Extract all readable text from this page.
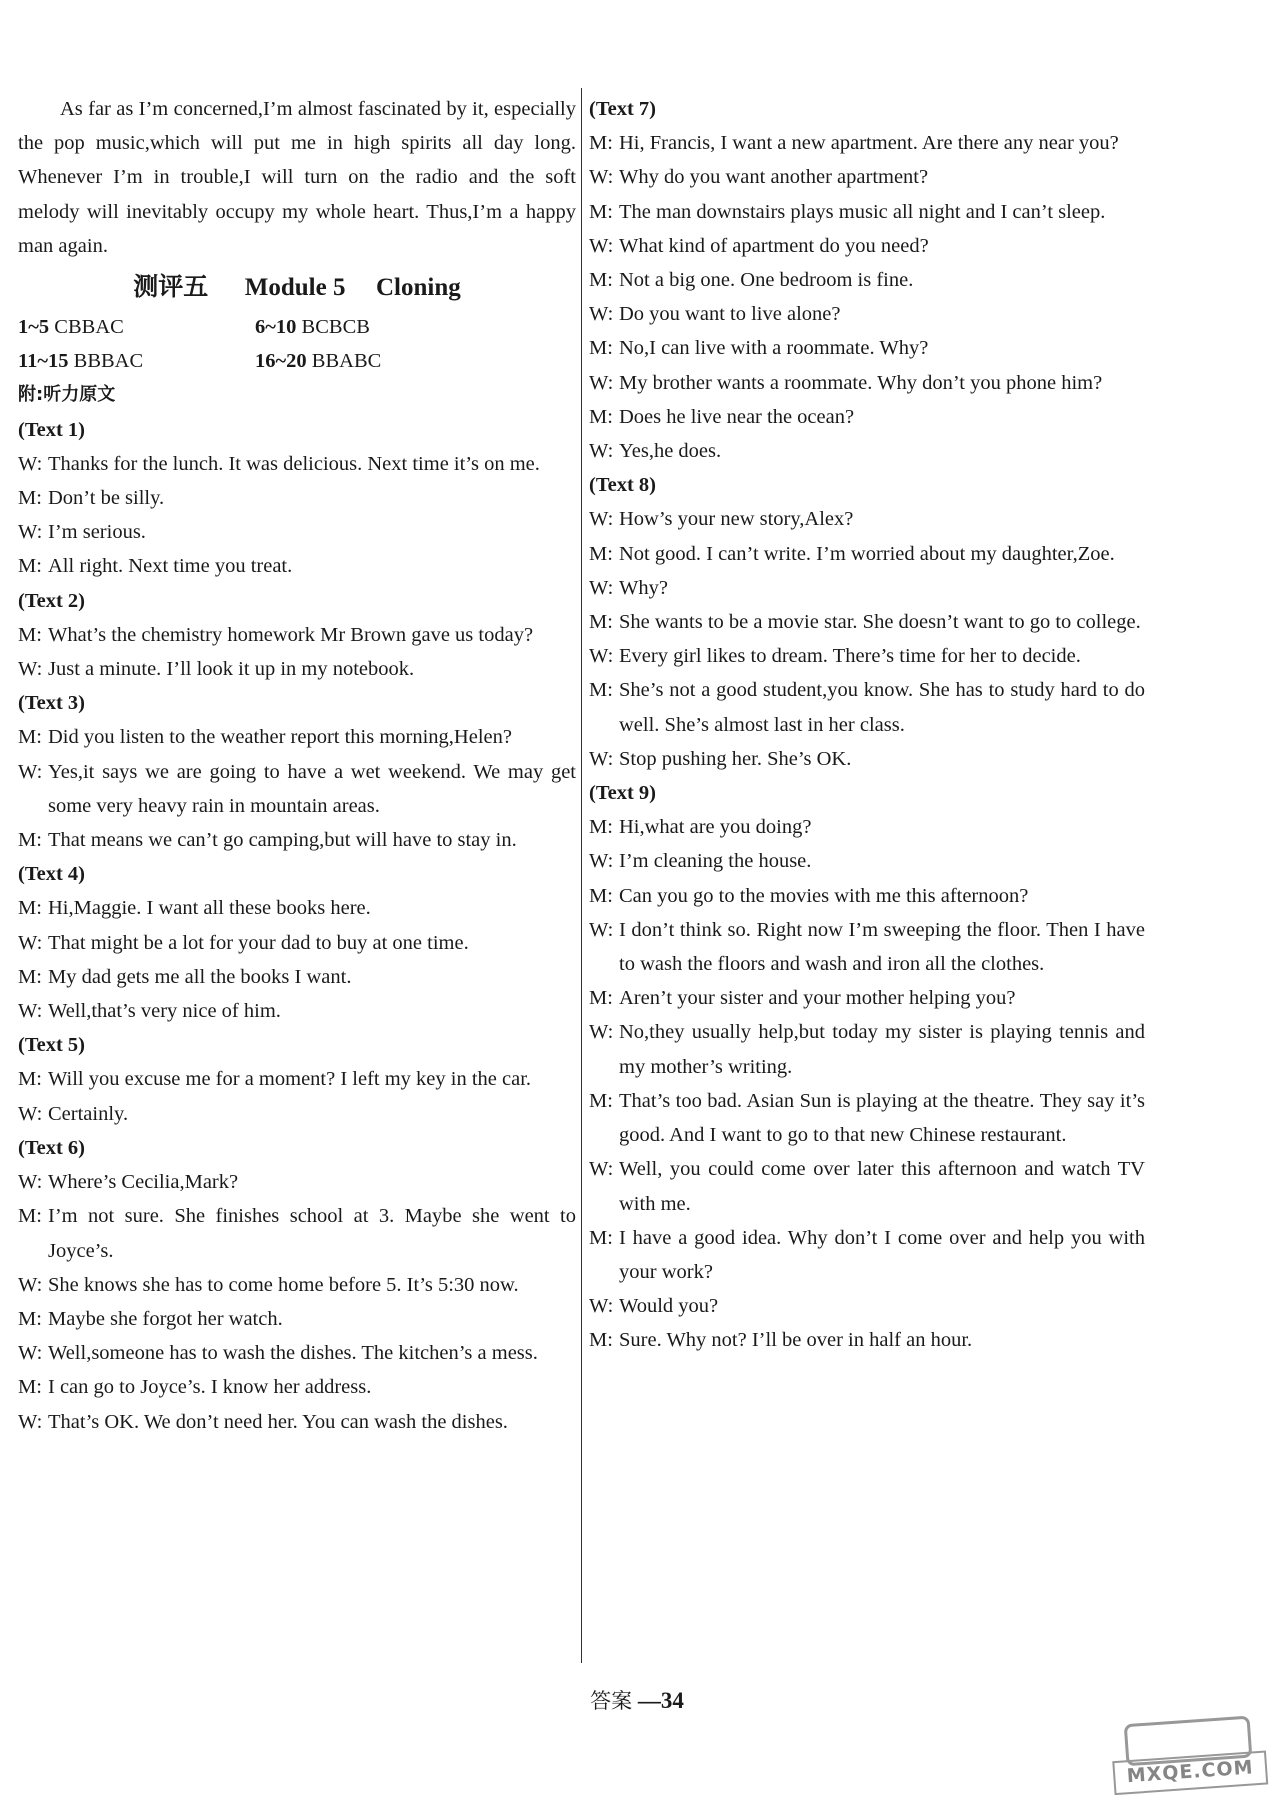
As far as I’m concerned,I’m almost fascinated by it, especially the pop music,which will put me in high spirits all day long. Whenever I’m in trouble,I will turn on the radio and the soft melody will inevitably occupy my whole heart. Thus,I’m a happy man again.

测评五 Module 5 Cloning
1~5 CBBAC	6~10 BCBCB
11~15 BBBAC	16~20 BBABC
附:听力原文
(Text 1)
W: Thanks for the lunch. It was delicious. Next time it’s on me.
M: Don’t be silly.
W: I’m serious.
M: All right. Next time you treat.
(Text 2)
M: What’s the chemistry homework Mr Brown gave us today?
W: Just a minute. I’ll look it up in my notebook.
(Text 3)
M: Did you listen to the weather report this morning,Helen?
W: Yes,it says we are going to have a wet weekend. We may get some very heavy rain in mountain areas.
M: That means we can’t go camping,but will have to stay in.
(Text 4)
M: Hi,Maggie. I want all these books here.
W: That might be a lot for your dad to buy at one time.
M: My dad gets me all the books I want.
W: Well,that’s very nice of him.
(Text 5)
M: Will you excuse me for a moment? I left my key in the car.
W: Certainly.
(Text 6)
W: Where’s Cecilia,Mark?
M: I’m not sure. She finishes school at 3. Maybe she went to Joyce’s.
W: She knows she has to come home before 5. It’s 5:30 now.
M: Maybe she forgot her watch.
W: Well,someone has to wash the dishes. The kitchen’s a mess.
M: I can go to Joyce’s. I know her address.
W: That’s OK. We don’t need her. You can wash the dishes.
(Text 7)
M: Hi, Francis, I want a new apartment. Are there any near you?
W: Why do you want another apartment?
M: The man downstairs plays music all night and I can’t sleep.
W: What kind of apartment do you need?
M: Not a big one. One bedroom is fine.
W: Do you want to live alone?
M: No,I can live with a roommate. Why?
W: My brother wants a roommate. Why don’t you phone him?
M: Does he live near the ocean?
W: Yes,he does.
(Text 8)
W: How’s your new story,Alex?
M: Not good. I can’t write. I’m worried about my daughter,Zoe.
W: Why?
M: She wants to be a movie star. She doesn’t want to go to college.
W: Every girl likes to dream. There’s time for her to decide.
M: She’s not a good student,you know. She has to study hard to do well. She’s almost last in her class.
W: Stop pushing her. She’s OK.
(Text 9)
M: Hi,what are you doing?
W: I’m cleaning the house.
M: Can you go to the movies with me this afternoon?
W: I don’t think so. Right now I’m sweeping the floor. Then I have to wash the floors and wash and iron all the clothes.
M: Aren’t your sister and your mother helping you?
W: No,they usually help,but today my sister is playing tennis and my mother’s writing.
M: That’s too bad. Asian Sun is playing at the theatre. They say it’s good. And I want to go to that new Chinese restaurant.
W: Well, you could come over later this afternoon and watch TV with me.
M: I have a good idea. Why don’t I come over and help you with your work?
W: Would you?
M: Sure. Why not? I’ll be over in half an hour.
答案 —34
MXQE.COM
